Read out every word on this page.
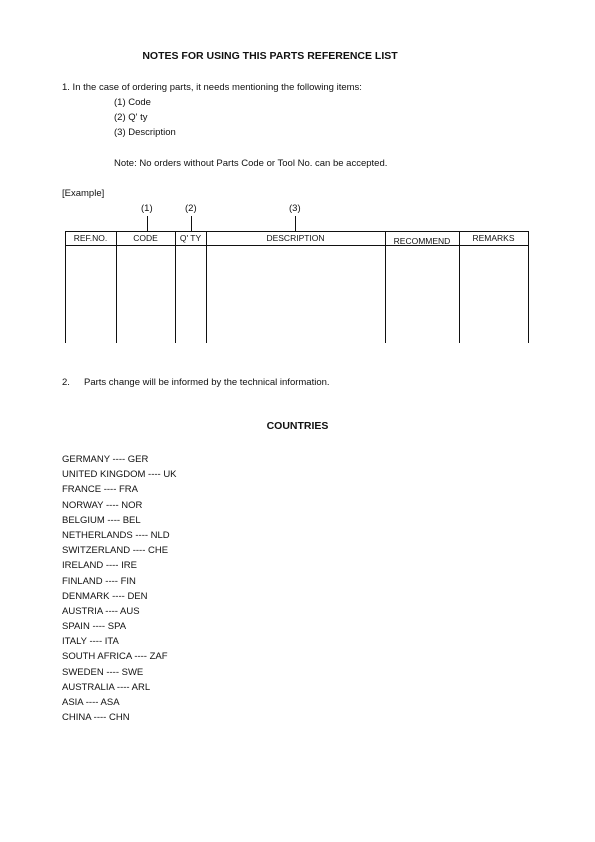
NOTES FOR USING THIS PARTS REFERENCE LIST
1. In the case of ordering parts, it needs mentioning the following items:
(1) Code
(2) Q' ty
(3) Description
Note: No orders without Parts Code or Tool No. can be accepted.
[Example]
(1)	(2)	(3)
REF.NO.	CODE	Q' TY	DESCRIPTION	RECOMMEND	REMARKS
2. Parts change will be informed by the technical information.
COUNTRIES
GERMANY ---- GER
UNITED KINGDOM ---- UK
FRANCE ---- FRA
NORWAY ---- NOR
BELGIUM ---- BEL
NETHERLANDS ---- NLD
SWITZERLAND ---- CHE
IRELAND ---- IRE
FINLAND ---- FIN
DENMARK ---- DEN
AUSTRIA ---- AUS
SPAIN ---- SPA
ITALY ---- ITA
SOUTH AFRICA ---- ZAF
SWEDEN ---- SWE
AUSTRALIA ---- ARL
ASIA ---- ASA
CHINA ---- CHN
